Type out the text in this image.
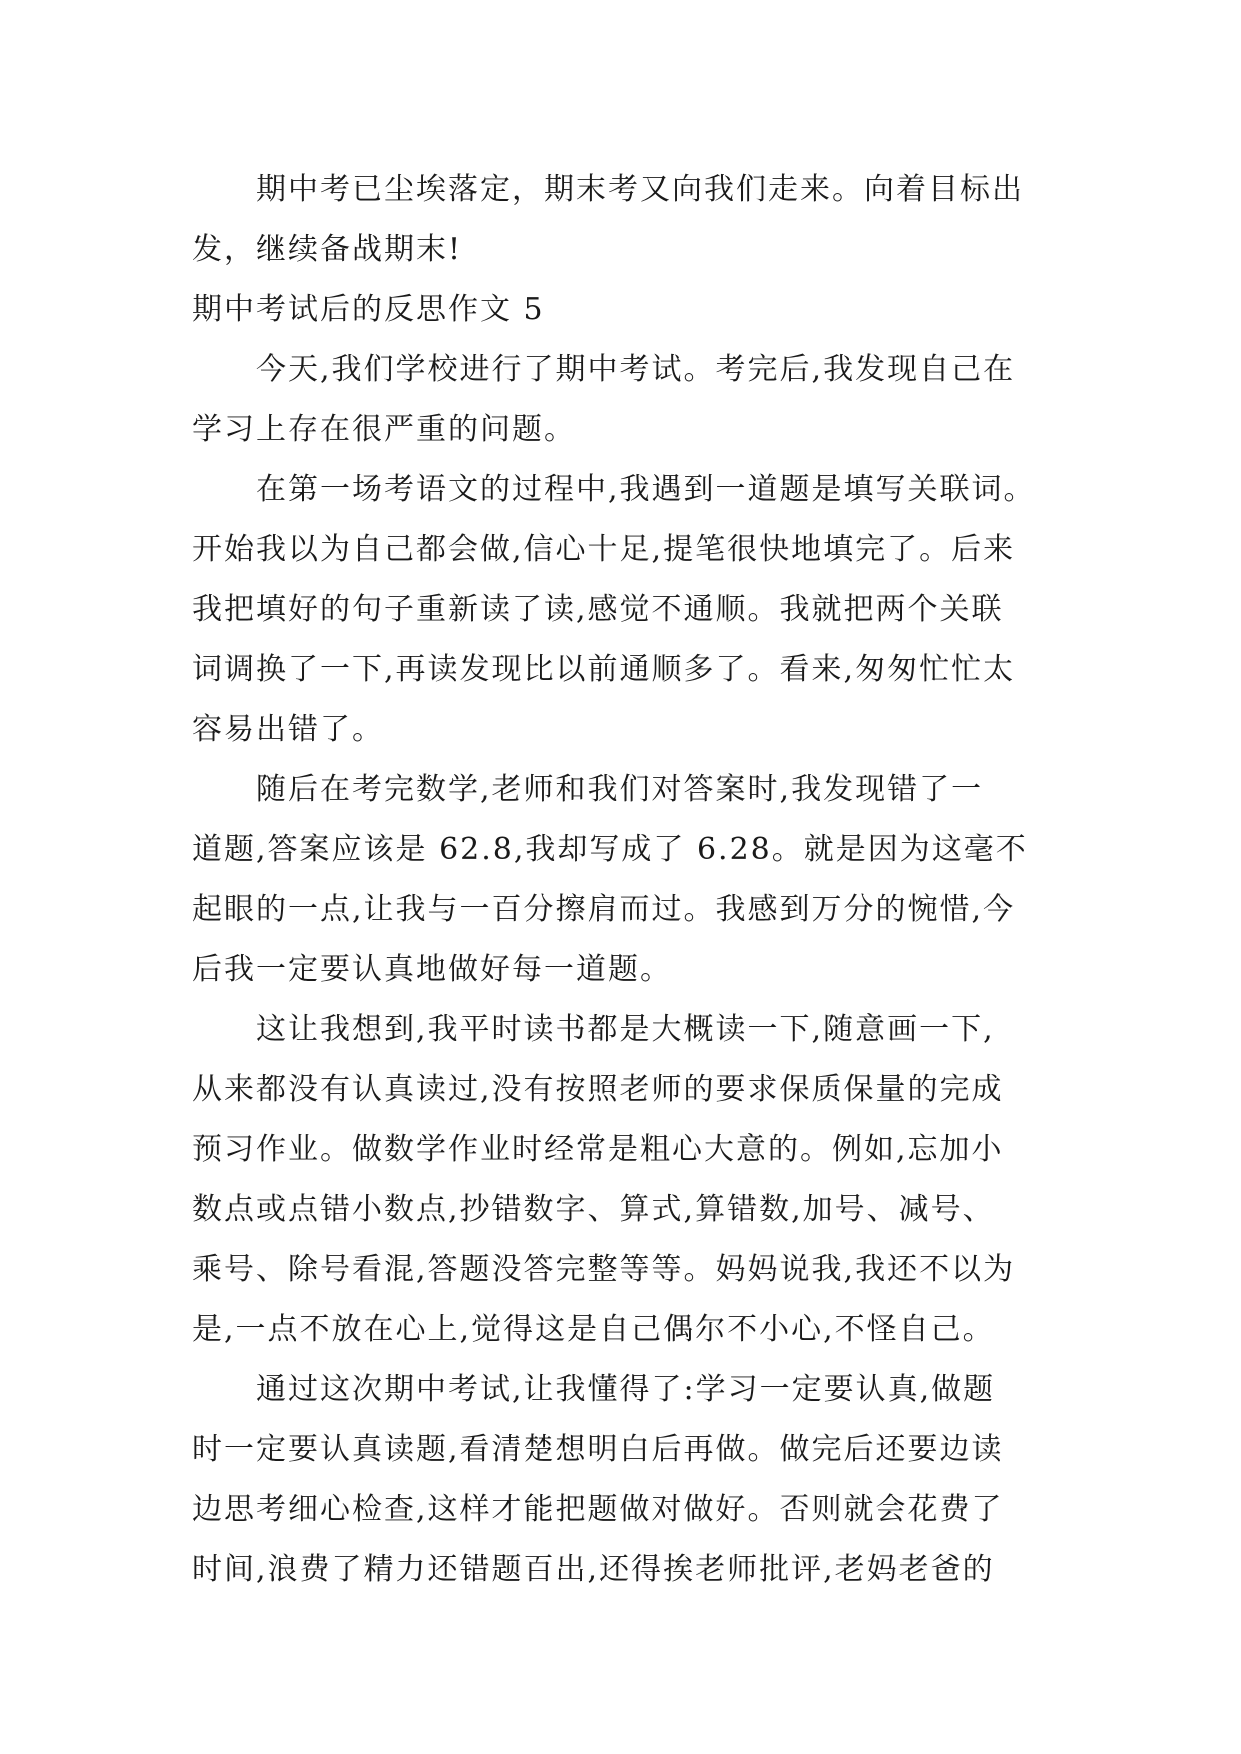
期中考已尘埃落定，期末考又向我们走来。向着目标出
发，继续备战期末!
期中考试后的反思作文 5
今天,我们学校进行了期中考试。考完后,我发现自己在
学习上存在很严重的问题。
在第一场考语文的过程中,我遇到一道题是填写关联词。
开始我以为自己都会做,信心十足,提笔很快地填完了。后来
我把填好的句子重新读了读,感觉不通顺。我就把两个关联
词调换了一下,再读发现比以前通顺多了。看来,匆匆忙忙太
容易出错了。
随后在考完数学,老师和我们对答案时,我发现错了一
道题,答案应该是 62.8,我却写成了 6.28。就是因为这毫不
起眼的一点,让我与一百分擦肩而过。我感到万分的惋惜,今
后我一定要认真地做好每一道题。
这让我想到,我平时读书都是大概读一下,随意画一下,
从来都没有认真读过,没有按照老师的要求保质保量的完成
预习作业。做数学作业时经常是粗心大意的。例如,忘加小
数点或点错小数点,抄错数字、算式,算错数,加号、减号、
乘号、除号看混,答题没答完整等等。妈妈说我,我还不以为
是,一点不放在心上,觉得这是自己偶尔不小心,不怪自己。
通过这次期中考试,让我懂得了:学习一定要认真,做题
时一定要认真读题,看清楚想明白后再做。做完后还要边读
边思考细心检查,这样才能把题做对做好。否则就会花费了
时间,浪费了精力还错题百出,还得挨老师批评,老妈老爸的
